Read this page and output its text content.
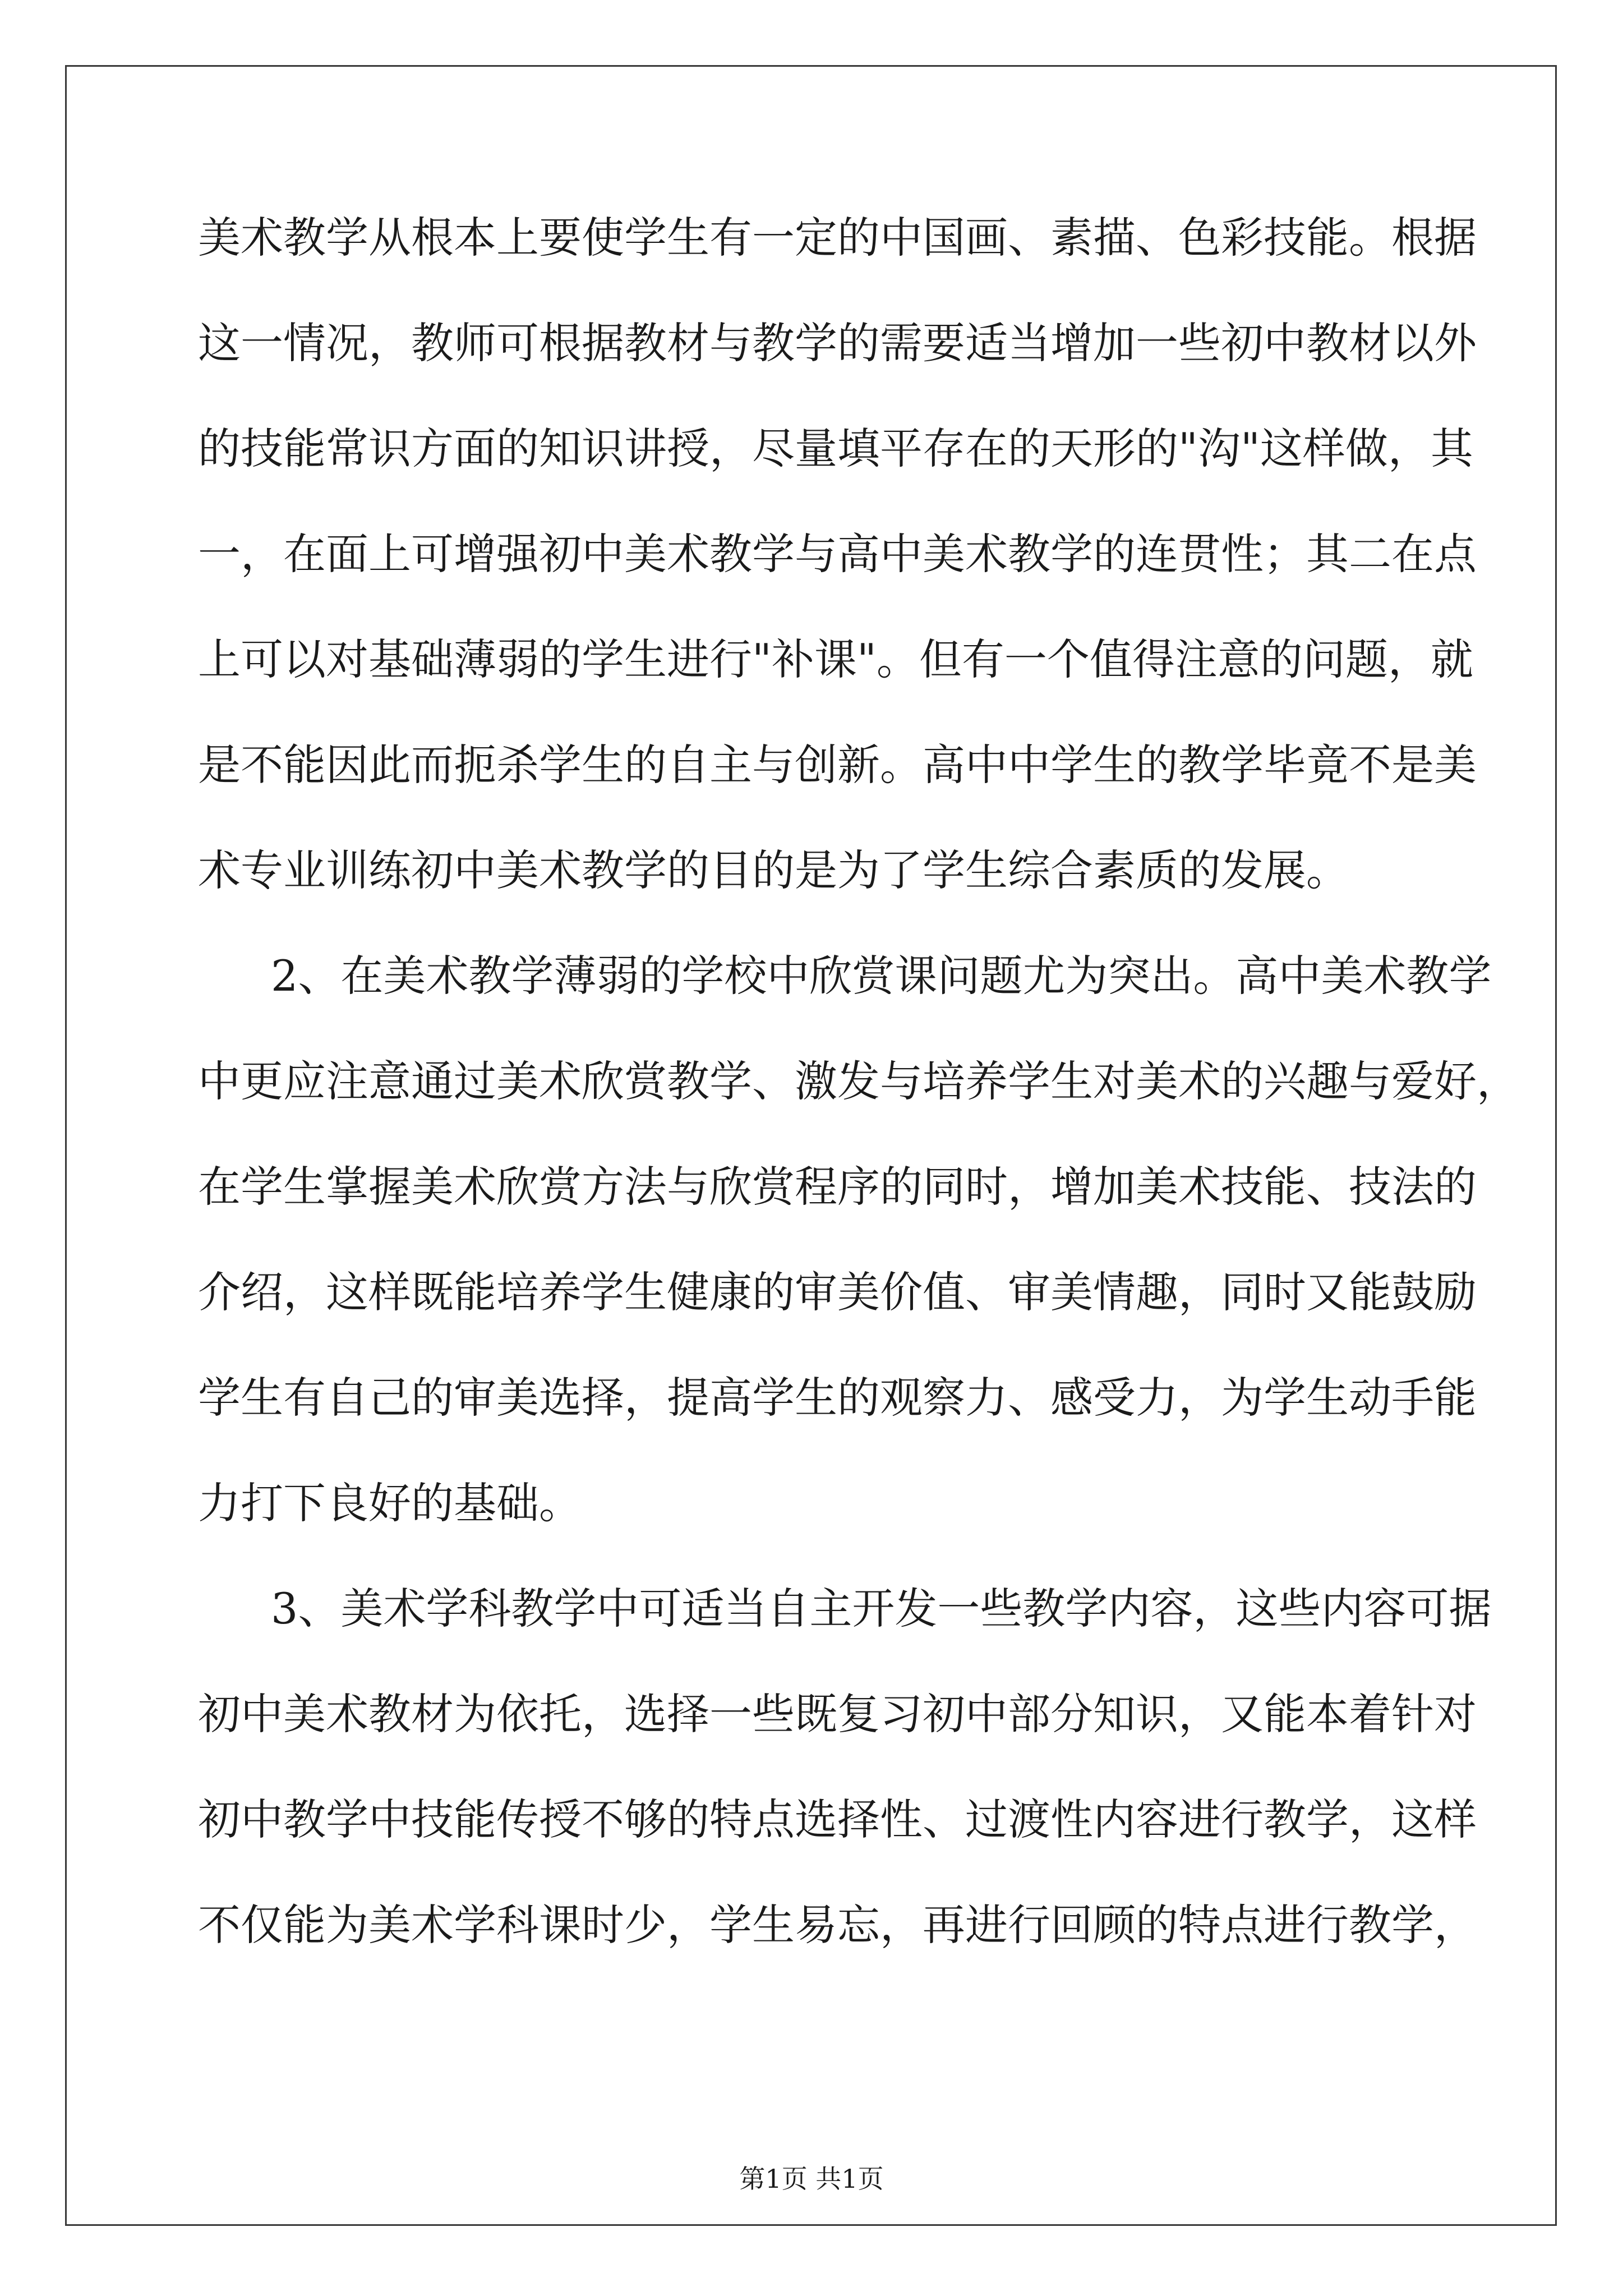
美术教学从根本上要使学生有一定的中国画、素描、色彩技能。根据
这一情况，教师可根据教材与教学的需要适当增加一些初中教材以外
的技能常识方面的知识讲授，尽量填平存在的天形的"沟"这样做，其
一，在面上可增强初中美术教学与高中美术教学的连贯性；其二在点
上可以对基础薄弱的学生进行"补课"。但有一个值得注意的问题，就
是不能因此而扼杀学生的自主与创新。高中中学生的教学毕竟不是美
术专业训练初中美术教学的目的是为了学生综合素质的发展。
2、在美术教学薄弱的学校中欣赏课问题尤为突出。高中美术教学
中更应注意通过美术欣赏教学、激发与培养学生对美术的兴趣与爱好，
在学生掌握美术欣赏方法与欣赏程序的同时，增加美术技能、技法的
介绍，这样既能培养学生健康的审美价值、审美情趣，同时又能鼓励
学生有自己的审美选择，提高学生的观察力、感受力，为学生动手能
力打下良好的基础。
3、美术学科教学中可适当自主开发一些教学内容，这些内容可据
初中美术教材为依托，选择一些既复习初中部分知识，又能本着针对
初中教学中技能传授不够的特点选择性、过渡性内容进行教学，这样
不仅能为美术学科课时少，学生易忘，再进行回顾的特点进行教学，
第1页 共1页
